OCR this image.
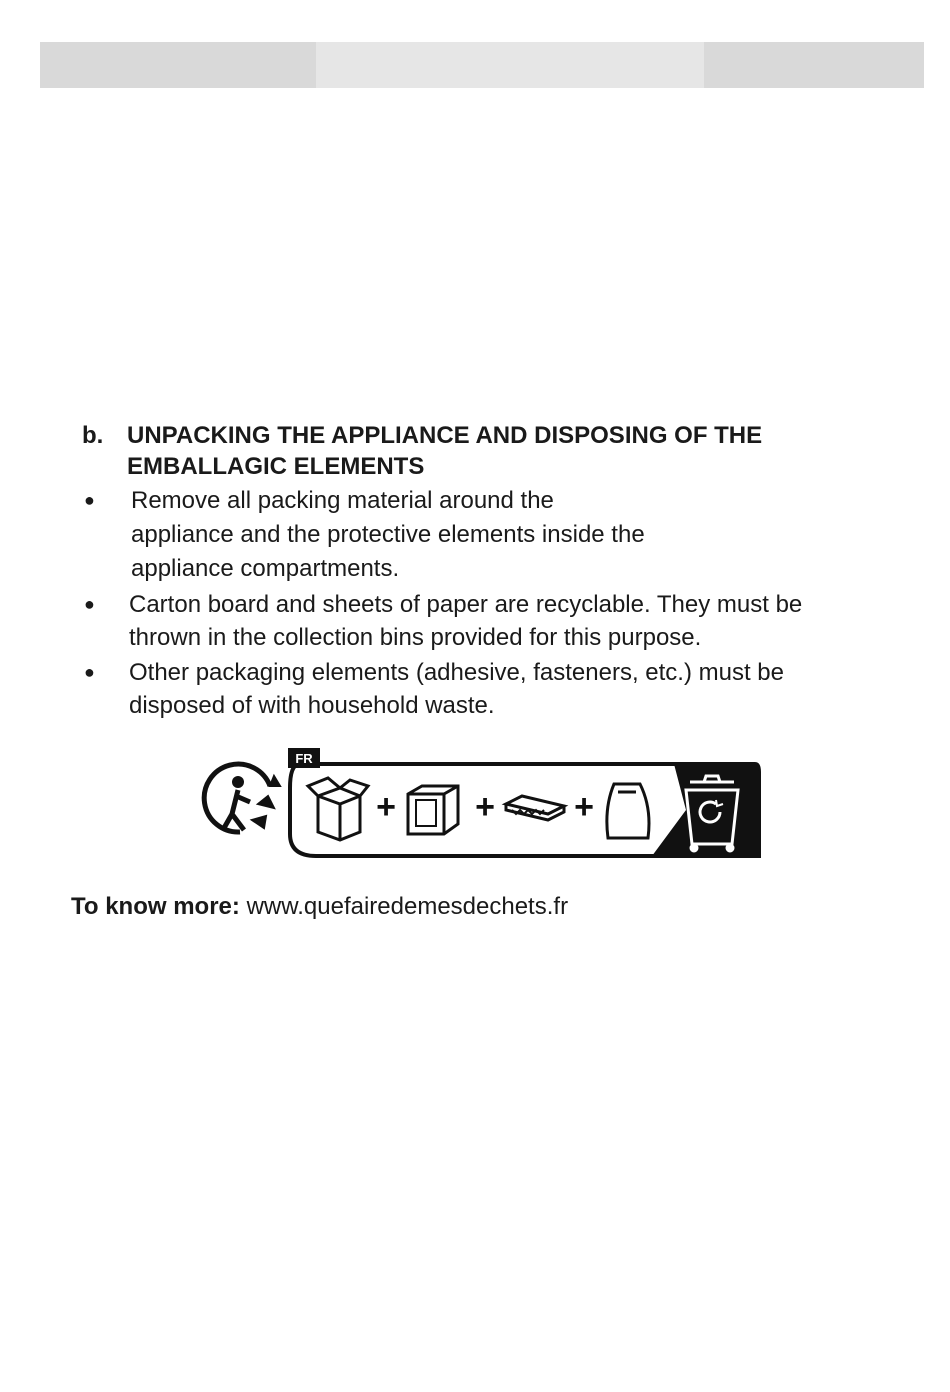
b. UNPACKING THE APPLIANCE AND DISPOSING OF THE
EMBALLAGIC ELEMENTS
●	Remove all packing material around the
appliance and the protective elements inside the
appliance compartments.
●	Carton board and sheets of paper are recyclable. They must be
thrown in the collection bins provided for this purpose.
●	Other packaging elements (adhesive, fasteners, etc.) must be
disposed of with household waste.
FR
+ + +
To know more: www.quefairedemesdechets.fr
